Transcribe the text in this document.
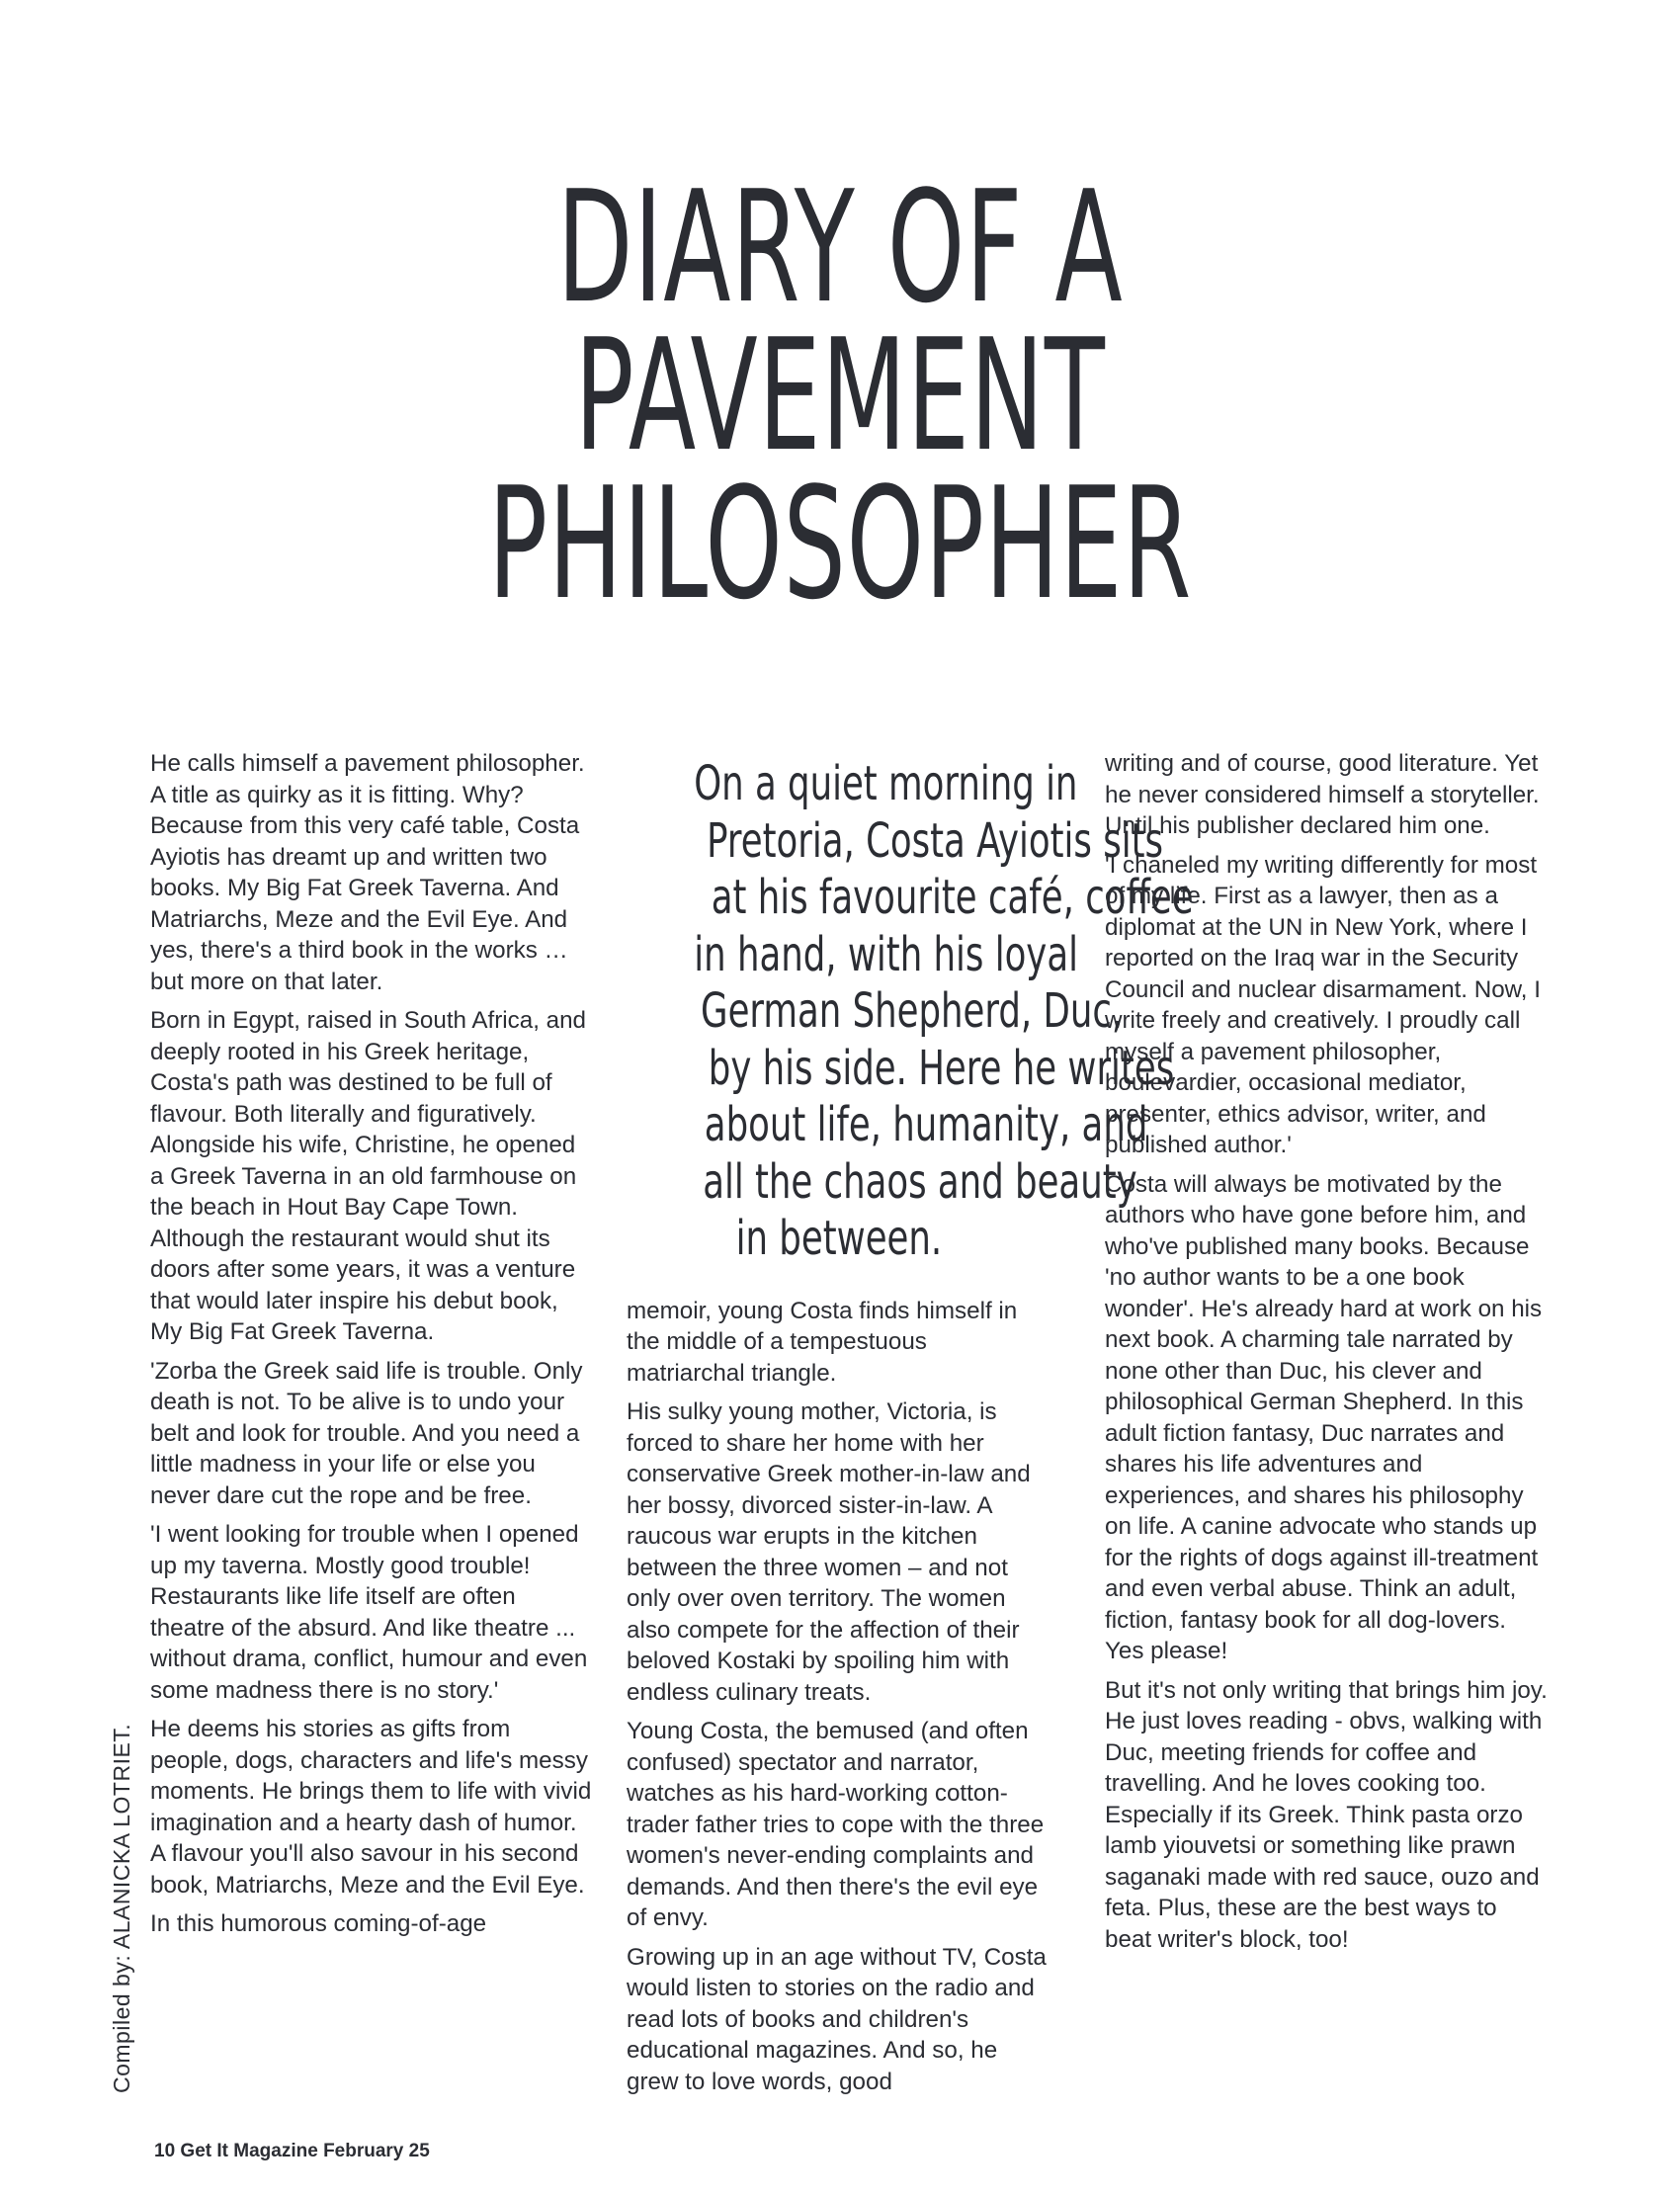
DIARY OF A
PAVEMENT
PHILOSOPHER
Compiled by: ALANICKA LOTRIET.

He calls himself a pavement philosopher. A title as quirky as it is fitting. Why? Because from this very café table, Costa Ayiotis has dreamt up and written two books. My Big Fat Greek Taverna. And Matriarchs, Meze and the Evil Eye. And yes, there's a third book in the works … but more on that later.

Born in Egypt, raised in South Africa, and deeply rooted in his Greek heritage, Costa's path was destined to be full of flavour. Both literally and figuratively. Alongside his wife, Christine, he opened a Greek Taverna in an old farmhouse on the beach in Hout Bay Cape Town. Although the restaurant would shut its doors after some years, it was a venture that would later inspire his debut book, My Big Fat Greek Taverna.

'Zorba the Greek said life is trouble. Only death is not. To be alive is to undo your belt and look for trouble. And you need a little madness in your life or else you never dare cut the rope and be free.

'I went looking for trouble when I opened up my taverna. Mostly good trouble! Restaurants like life itself are often theatre of the absurd. And like theatre ... without drama, conflict, humour and even some madness there is no story.'

He deems his stories as gifts from people, dogs, characters and life's messy moments. He brings them to life with vivid imagination and a hearty dash of humor. A flavour you'll also savour in his second book, Matriarchs, Meze and the Evil Eye.

In this humorous coming-of-age

On a quiet morning in
Pretoria, Costa Ayiotis sits
at his favourite café, coffee
in hand, with his loyal
German Shepherd, Duc,
by his side. Here he writes
about life, humanity, and
all the chaos and beauty
in between.

memoir, young Costa finds himself in the middle of a tempestuous matriarchal triangle.

His sulky young mother, Victoria, is forced to share her home with her conservative Greek mother-in-law and her bossy, divorced sister-in-law. A raucous war erupts in the kitchen between the three women – and not only over oven territory. The women also compete for the affection of their beloved Kostaki by spoiling him with endless culinary treats.

Young Costa, the bemused (and often confused) spectator and narrator, watches as his hard-working cotton-trader father tries to cope with the three women's never-ending complaints and demands. And then there's the evil eye of envy.

Growing up in an age without TV, Costa would listen to stories on the radio and read lots of books and children's educational magazines. And so, he grew to love words, good

writing and of course, good literature. Yet he never considered himself a storyteller. Until his publisher declared him one.

'I chaneled my writing differently for most of my life. First as a lawyer, then as a diplomat at the UN in New York, where I reported on the Iraq war in the Security Council and nuclear disarmament. Now, I write freely and creatively. I proudly call myself a pavement philosopher, boulevardier, occasional mediator, presenter, ethics advisor, writer, and published author.'

Costa will always be motivated by the authors who have gone before him, and who've published many books. Because 'no author wants to be a one book wonder'. He's already hard at work on his next book. A charming tale narrated by none other than Duc, his clever and philosophical German Shepherd. In this adult fiction fantasy, Duc narrates and shares his life adventures and experiences, and shares his philosophy on life. A canine advocate who stands up for the rights of dogs against ill-treatment and even verbal abuse. Think an adult, fiction, fantasy book for all dog-lovers. Yes please!

But it's not only writing that brings him joy. He just loves reading - obvs, walking with Duc, meeting friends for coffee and travelling. And he loves cooking too. Especially if its Greek. Think pasta orzo lamb yiouvetsi or something like prawn saganaki made with red sauce, ouzo and feta. Plus, these are the best ways to beat writer's block, too!

10 Get It Magazine February 25
